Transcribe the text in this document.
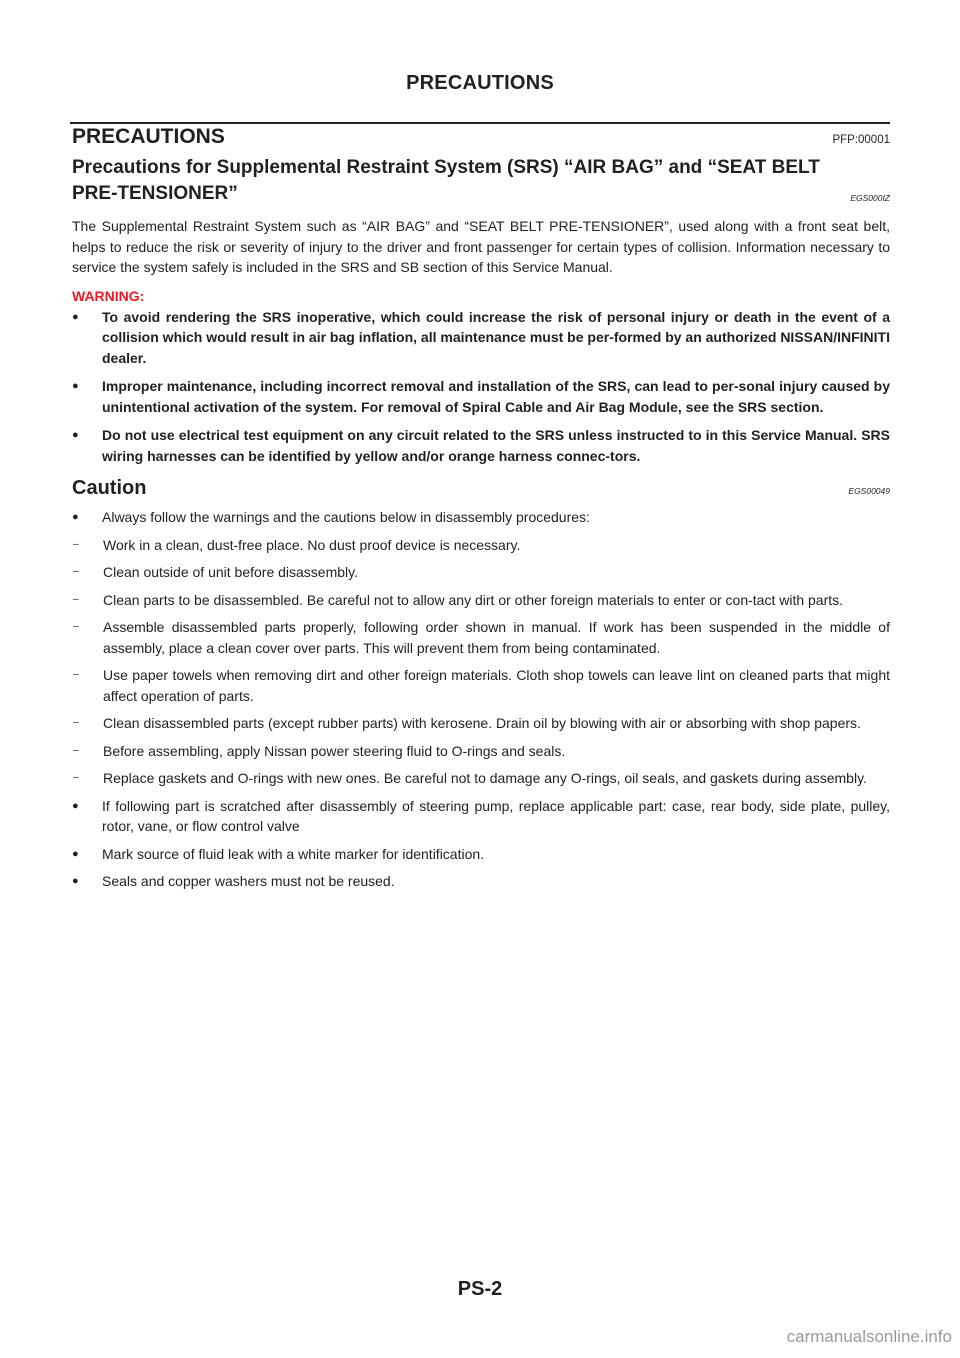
PRECAUTIONS
PRECAUTIONS	PFP:00001
Precautions for Supplemental Restraint System (SRS) “AIR BAG” and “SEAT BELT PRE-TENSIONER”	EGS000IZ
The Supplemental Restraint System such as “AIR BAG” and “SEAT BELT PRE-TENSIONER”, used along with a front seat belt, helps to reduce the risk or severity of injury to the driver and front passenger for certain types of collision. Information necessary to service the system safely is included in the SRS and SB section of this Service Manual.
WARNING:
●	To avoid rendering the SRS inoperative, which could increase the risk of personal injury or death in the event of a collision which would result in air bag inflation, all maintenance must be per-formed by an authorized NISSAN/INFINITI dealer.
●	Improper maintenance, including incorrect removal and installation of the SRS, can lead to per-sonal injury caused by unintentional activation of the system. For removal of Spiral Cable and Air Bag Module, see the SRS section.
●	Do not use electrical test equipment on any circuit related to the SRS unless instructed to in this Service Manual. SRS wiring harnesses can be identified by yellow and/or orange harness connec-tors.
Caution	EGS00049
●	Always follow the warnings and the cautions below in disassembly procedures:
–	Work in a clean, dust-free place. No dust proof device is necessary.
–	Clean outside of unit before disassembly.
–	Clean parts to be disassembled. Be careful not to allow any dirt or other foreign materials to enter or con-tact with parts.
–	Assemble disassembled parts properly, following order shown in manual. If work has been suspended in the middle of assembly, place a clean cover over parts. This will prevent them from being contaminated.
–	Use paper towels when removing dirt and other foreign materials. Cloth shop towels can leave lint on cleaned parts that might affect operation of parts.
–	Clean disassembled parts (except rubber parts) with kerosene. Drain oil by blowing with air or absorbing with shop papers.
–	Before assembling, apply Nissan power steering fluid to O-rings and seals.
–	Replace gaskets and O-rings with new ones. Be careful not to damage any O-rings, oil seals, and gaskets during assembly.
●	If following part is scratched after disassembly of steering pump, replace applicable part: case, rear body, side plate, pulley, rotor, vane, or flow control valve
●	Mark source of fluid leak with a white marker for identification.
●	Seals and copper washers must not be reused.
PS-2
carmanualsonline.info
